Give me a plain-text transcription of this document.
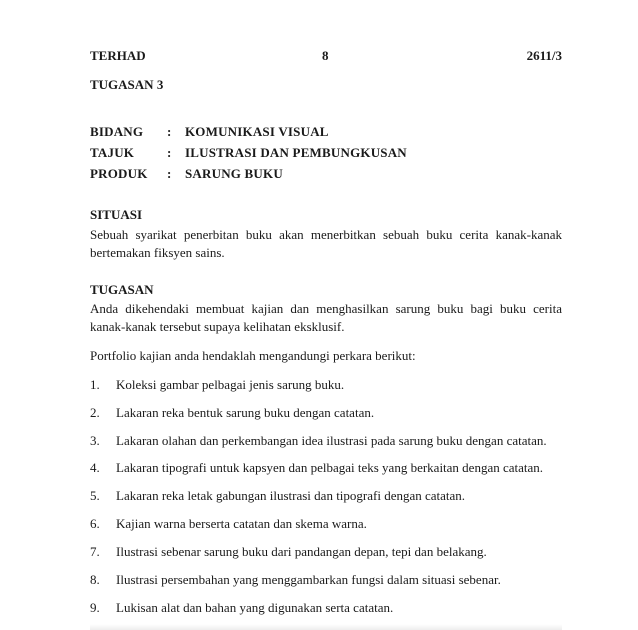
TERHAD	8	2611/3
TUGASAN 3
BIDANG : KOMUNIKASI VISUAL
TAJUK	: ILUSTRASI DAN PEMBUNGKUSAN
PRODUK : SARUNG BUKU
SITUASI
Sebuah syarikat penerbitan buku akan menerbitkan sebuah buku cerita kanak-kanak
bertemakan fiksyen sains.
TUGASAN
Anda dikehendaki membuat kajian dan menghasilkan sarung buku bagi buku cerita
kanak-kanak tersebut supaya kelihatan eksklusif.
Portfolio kajian anda hendaklah mengandungi perkara berikut:
1. Koleksi gambar pelbagai jenis sarung buku.
2. Lakaran reka bentuk sarung buku dengan catatan.
3. Lakaran olahan dan perkembangan idea ilustrasi pada sarung buku dengan catatan.
4. Lakaran tipografi untuk kapsyen dan pelbagai teks yang berkaitan dengan catatan.
5. Lakaran reka letak gabungan ilustrasi dan tipografi dengan catatan.
6. Kajian warna berserta catatan dan skema warna.
7. Ilustrasi sebenar sarung buku dari pandangan depan, tepi dan belakang.
8. Ilustrasi persembahan yang menggambarkan fungsi dalam situasi sebenar.
9. Lukisan alat dan bahan yang digunakan serta catatan.
